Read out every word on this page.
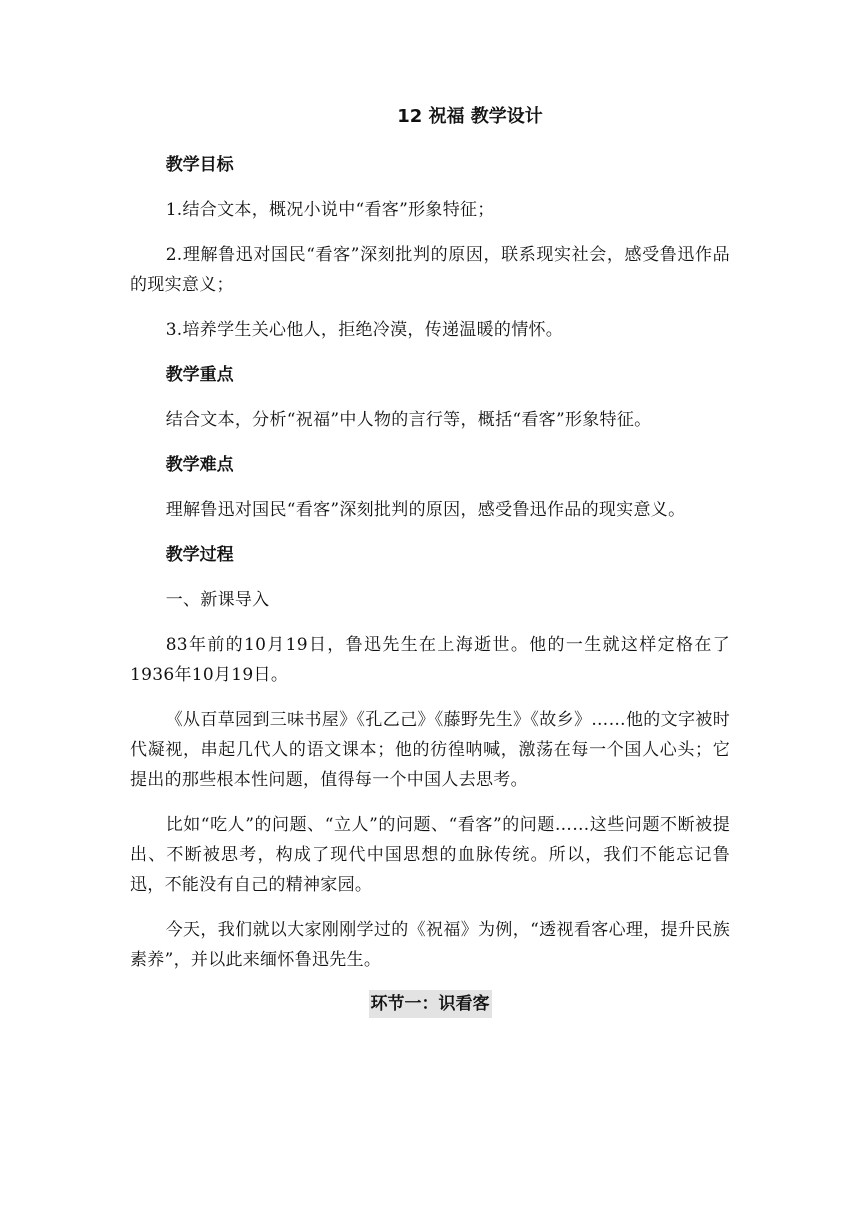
12 祝福 教学设计
教学目标

1.结合文本，概况小说中“看客”形象特征；

2.理解鲁迅对国民“看客”深刻批判的原因，联系现实社会，感受鲁迅作品的现实意义；

3.培养学生关心他人，拒绝冷漠，传递温暖的情怀。

教学重点

结合文本，分析“祝福”中人物的言行等，概括“看客”形象特征。

教学难点

理解鲁迅对国民“看客”深刻批判的原因，感受鲁迅作品的现实意义。

教学过程

一、新课导入

83年前的10月19日，鲁迅先生在上海逝世。他的一生就这样定格在了1936年10月19日。

《从百草园到三味书屋》《孔乙己》《藤野先生》《故乡》……他的文字被时代凝视，串起几代人的语文课本；他的彷徨呐喊，激荡在每一个国人心头；它提出的那些根本性问题，值得每一个中国人去思考。

比如“吃人”的问题、“立人”的问题、“看客”的问题……这些问题不断被提出、不断被思考，构成了现代中国思想的血脉传统。所以，我们不能忘记鲁迅，不能没有自己的精神家园。

今天，我们就以大家刚刚学过的《祝福》为例，“透视看客心理，提升民族素养”，并以此来缅怀鲁迅先生。

环节一：识看客
